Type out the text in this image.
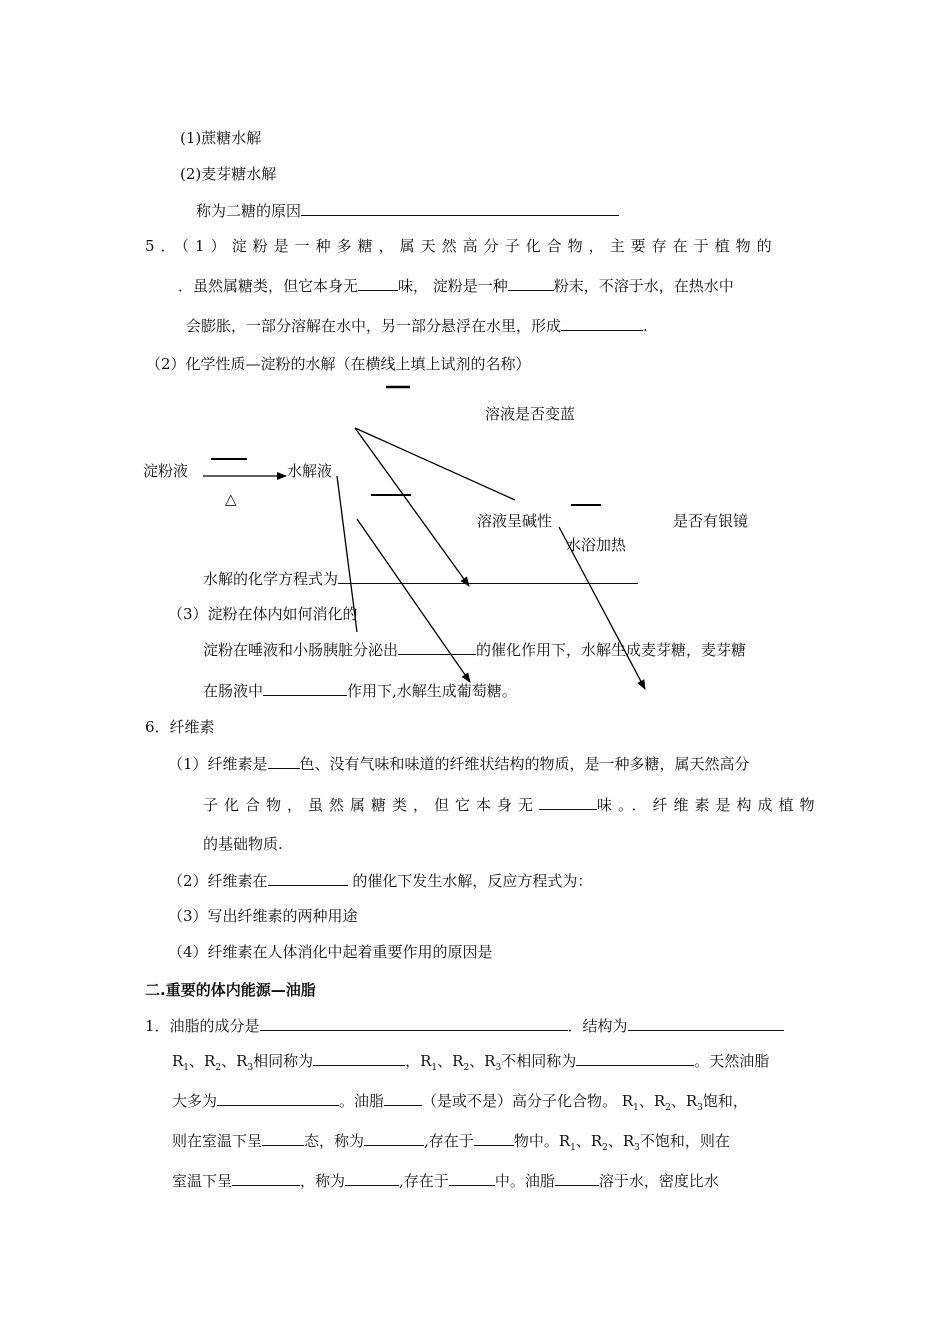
(1)蔗糖水解
(2)麦芽糖水解
称为二糖的原因
5．（1）淀粉是一种多糖，属天然高分子化合物，主要存在于植物的
．虽然属糖类，但它本身无	味， 淀粉是一种	粉末，不溶于水，在热水中
会膨胀，一部分溶解在水中，另一部分悬浮在水里，形成	.
（2）化学性质—淀粉的水解（在横线上填上试剂的名称）
溶液是否变蓝
淀粉液	水解液
△
溶液呈碱性	是否有银镜
水浴加热
水解的化学方程式为
（3）淀粉在体内如何消化的
淀粉在唾液和小肠胰脏分泌出	的催化作用下，水解生成麦芽糖，麦芽糖
在肠液中	作用下,水解生成葡萄糖。
6．纤维素
（1）纤维素是 色、没有气味和味道的纤维状结构的物质，是一种多糖，属天然高分
子化合物，虽然属糖类，但它本身无	味。．纤维素是构成植物
的基础物质.
（2）纤维素在	的催化下发生水解，反应方程式为：
（3）写出纤维素的两种用途
（4）纤维素在人体消化中起着重要作用的原因是
二.重要的体内能源—油脂
1．油脂的成分是	．结构为
$R_1$、$R_2$、$R_3$相同称为	，$R_1$、$R_2$、$R_3$不相同称为	。天然油脂
大多为	。油脂	（是或不是）高分子化合物。 $R_1$、$R_2$、$R_3$饱和，
则在室温下呈	态，称为	,存在于	物中。$R_1$、$R_2$、$R_3$不饱和，则在
室温下呈	，称为	,存在于	中。油脂	溶于水，密度比水
